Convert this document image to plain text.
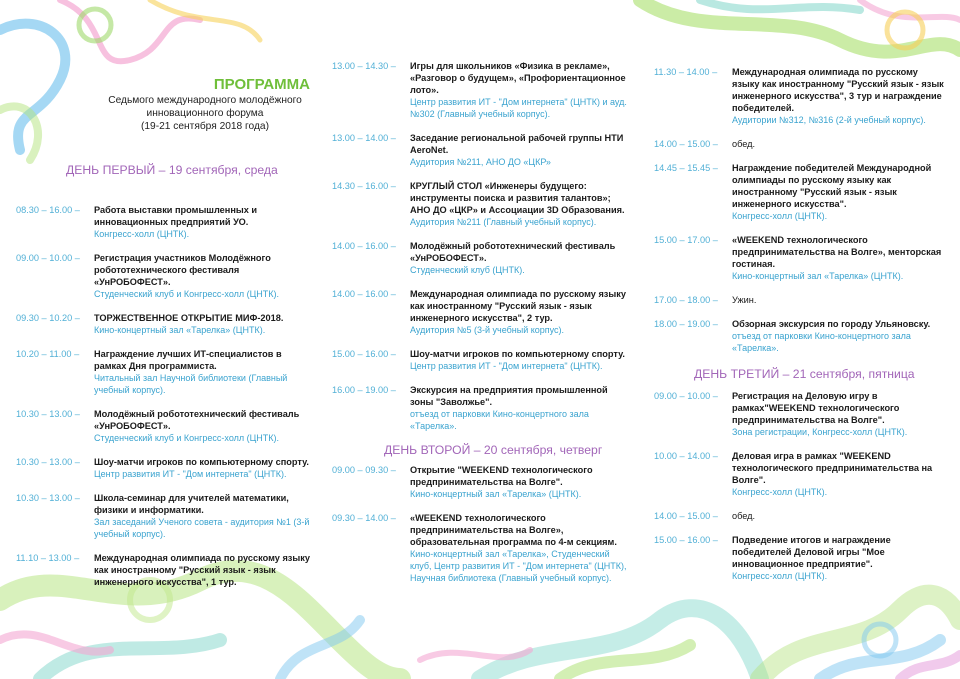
ПРОГРАММА
Седьмого международного молодёжного
инновационного форума
(19-21 сентября 2018 года)
ДЕНЬ ПЕРВЫЙ – 19 сентября, среда
08.30 – 16.00 –	Работа выставки промышленных и инновационных предприятий УО.
Конгресс-холл (ЦНТК).
09.00 – 10.00 –	Регистрация участников Молодёжного робототехнического фестиваля «УнРОБОФЕСТ».
Студенческий клуб и Конгресс-холл (ЦНТК).
09.30 – 10.20 –	ТОРЖЕСТВЕННОЕ ОТКРЫТИЕ МИФ-2018.
Кино-концертный зал «Тарелка» (ЦНТК).
10.20 – 11.00 –	Награждение лучших ИТ-специалистов в рамках Дня программиста.
Читальный зал Научной библиотеки (Главный учебный корпус).
10.30 – 13.00 –	Молодёжный робототехнический фестиваль «УнРОБОФЕСТ».
Студенческий клуб и Конгресс-холл (ЦНТК).
10.30 – 13.00 –	Шоу-матчи игроков по компьютерному спорту.
Центр развития ИТ - "Дом интернета" (ЦНТК).
10.30 – 13.00 –	Школа-семинар для учителей математики, физики и информатики.
Зал заседаний Ученого совета - аудитория №1 (3-й учебный корпус).
11.10 – 13.00 –	Международная олимпиада по русскому языку как иностранному "Русский язык - язык инженерного искусства", 1 тур.
13.00 – 14.30 –	Игры для школьников «Физика в рекламе», «Разговор о будущем», «Профориентационное лото».
Центр развития ИТ - "Дом интернета" (ЦНТК) и ауд. №302 (Главный учебный корпус).
13.00 – 14.00 –	Заседание региональной рабочей группы НТИ AeroNet.
Аудитория №211, АНО ДО «ЦКР»
14.30 – 16.00 –	КРУГЛЫЙ СТОЛ «Инженеры будущего: инструменты поиска и развития талантов»; АНО ДО «ЦКР» и Ассоциации 3D Образования.
Аудитория №211 (Главный учебный корпус).
14.00 – 16.00 –	Молодёжный робототехнический фестиваль «УнРОБОФЕСТ».
Студенческий клуб (ЦНТК).
14.00 – 16.00 –	Международная олимпиада по русскому языку как иностранному "Русский язык - язык инженерного искусства", 2 тур.
Аудитория №5 (3-й учебный корпус).
15.00 – 16.00 –	Шоу-матчи игроков по компьютерному спорту.
Центр развития ИТ - "Дом интернета" (ЦНТК).
16.00 – 19.00 –	Экскурсия на предприятия промышленной зоны "Заволжье".
отъезд от парковки Кино-концертного зала «Тарелка».
ДЕНЬ ВТОРОЙ – 20 сентября, четверг
09.00 – 09.30 –	Открытие "WEEKEND технологического предпринимательства на Волге".
Кино-концертный зал «Тарелка» (ЦНТК).
09.30 – 14.00 –	«WEEKEND технологического предпринимательства на Волге», образовательная программа по 4-м секциям.
Кино-концертный зал «Тарелка», Студенческий клуб, Центр развития ИТ - "Дом интернета" (ЦНТК), Научная библиотека (Главный учебный корпус).
11.30 – 14.00 –	Международная олимпиада по русскому языку как иностранному "Русский язык - язык инженерного искусства", 3 тур и награждение победителей.
Аудитории №312, №316 (2-й учебный корпус).
14.00 – 15.00 –	обед.
14.45 – 15.45 –	Награждение победителей Международной олимпиады по русскому языку как иностранному "Русский язык - язык инженерного искусства".
Конгресс-холл (ЦНТК).
15.00 – 17.00 –	«WEEKEND технологического предпринимательства на Волге», менторская гостиная.
Кино-концертный зал «Тарелка» (ЦНТК).
17.00 – 18.00 –	Ужин.
18.00 – 19.00 –	Обзорная экскурсия по городу Ульяновску.
отъезд от парковки Кино-концертного зала «Тарелка».
ДЕНЬ ТРЕТИЙ – 21 сентября, пятница
09.00 – 10.00 –	Регистрация на Деловую игру в рамках"WEEKEND технологического предпринимательства на Волге".
Зона регистрации, Конгресс-холл (ЦНТК).
10.00 – 14.00 –	Деловая игра в рамках "WEEKEND технологического предпринимательства на Волге".
Конгресс-холл (ЦНТК).
14.00 – 15.00 –	обед.
15.00 – 16.00 –	Подведение итогов и награждение победителей Деловой игры "Мое инновационное предприятие".
Конгресс-холл (ЦНТК).
